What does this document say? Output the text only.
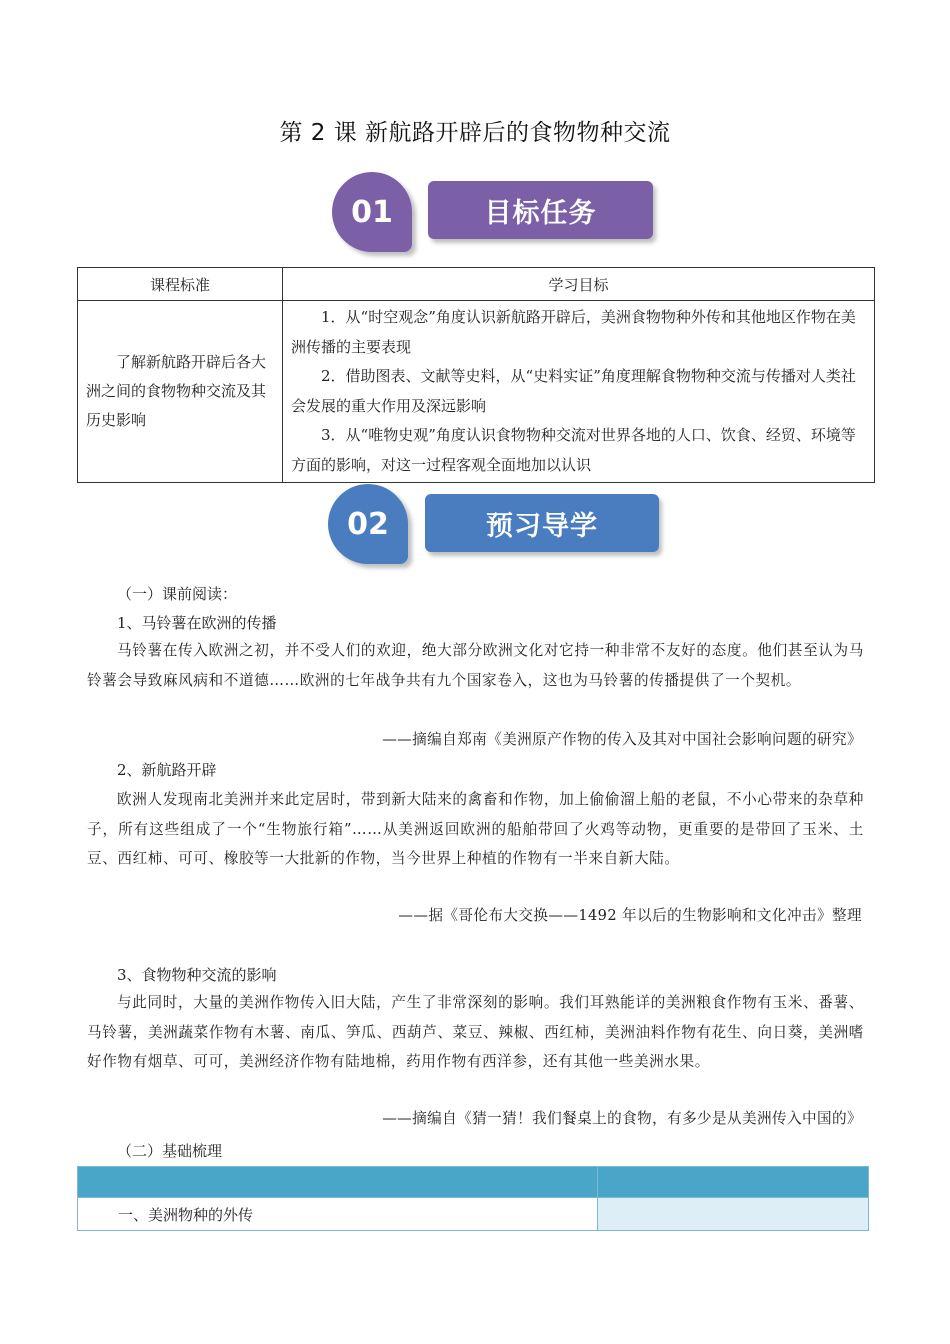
第 2 课 新航路开辟后的食物物种交流
01	目标任务
课程标准	学习目标
了解新航路开辟后各大洲之间的食物物种交流及其历史影响	1．从“时空观念”角度认识新航路开辟后，美洲食物物种外传和其他地区作物在美洲传播的主要表现

2．借助图表、文献等史料，从“史料实证”角度理解食物物种交流与传播对人类社会发展的重大作用及深远影响

3．从“唯物史观”角度认识食物物种交流对世界各地的人口、饮食、经贸、环境等方面的影响，对这一过程客观全面地加以认识

02	预习导学
（一）课前阅读：
1、马铃薯在欧洲的传播
马铃薯在传入欧洲之初，并不受人们的欢迎，绝大部分欧洲文化对它持一种非常不友好的态度。他们甚至认为马铃薯会导致麻风病和不道德……欧洲的七年战争共有九个国家卷入，这也为马铃薯的传播提供了一个契机。
——摘编自郑南《美洲原产作物的传入及其对中国社会影响问题的研究》
2、新航路开辟
欧洲人发现南北美洲并来此定居时，带到新大陆来的禽畜和作物，加上偷偷溜上船的老鼠，不小心带来的杂草种子，所有这些组成了一个“生物旅行箱”……从美洲返回欧洲的船舶带回了火鸡等动物，更重要的是带回了玉米、土豆、西红柿、可可、橡胶等一大批新的作物，当今世界上种植的作物有一半来自新大陆。
——据《哥伦布大交换——1492 年以后的生物影响和文化冲击》整理
3、食物物种交流的影响
与此同时，大量的美洲作物传入旧大陆，产生了非常深刻的影响。我们耳熟能详的美洲粮食作物有玉米、番薯、马铃薯，美洲蔬菜作物有木薯、南瓜、笋瓜、西葫芦、菜豆、辣椒、西红柿，美洲油料作物有花生、向日葵，美洲嗜好作物有烟草、可可，美洲经济作物有陆地棉，药用作物有西洋参，还有其他一些美洲水果。
——摘编自《猜一猜！我们餐桌上的食物，有多少是从美洲传入中国的》
（二）基础梳理

一、美洲物种的外传	
